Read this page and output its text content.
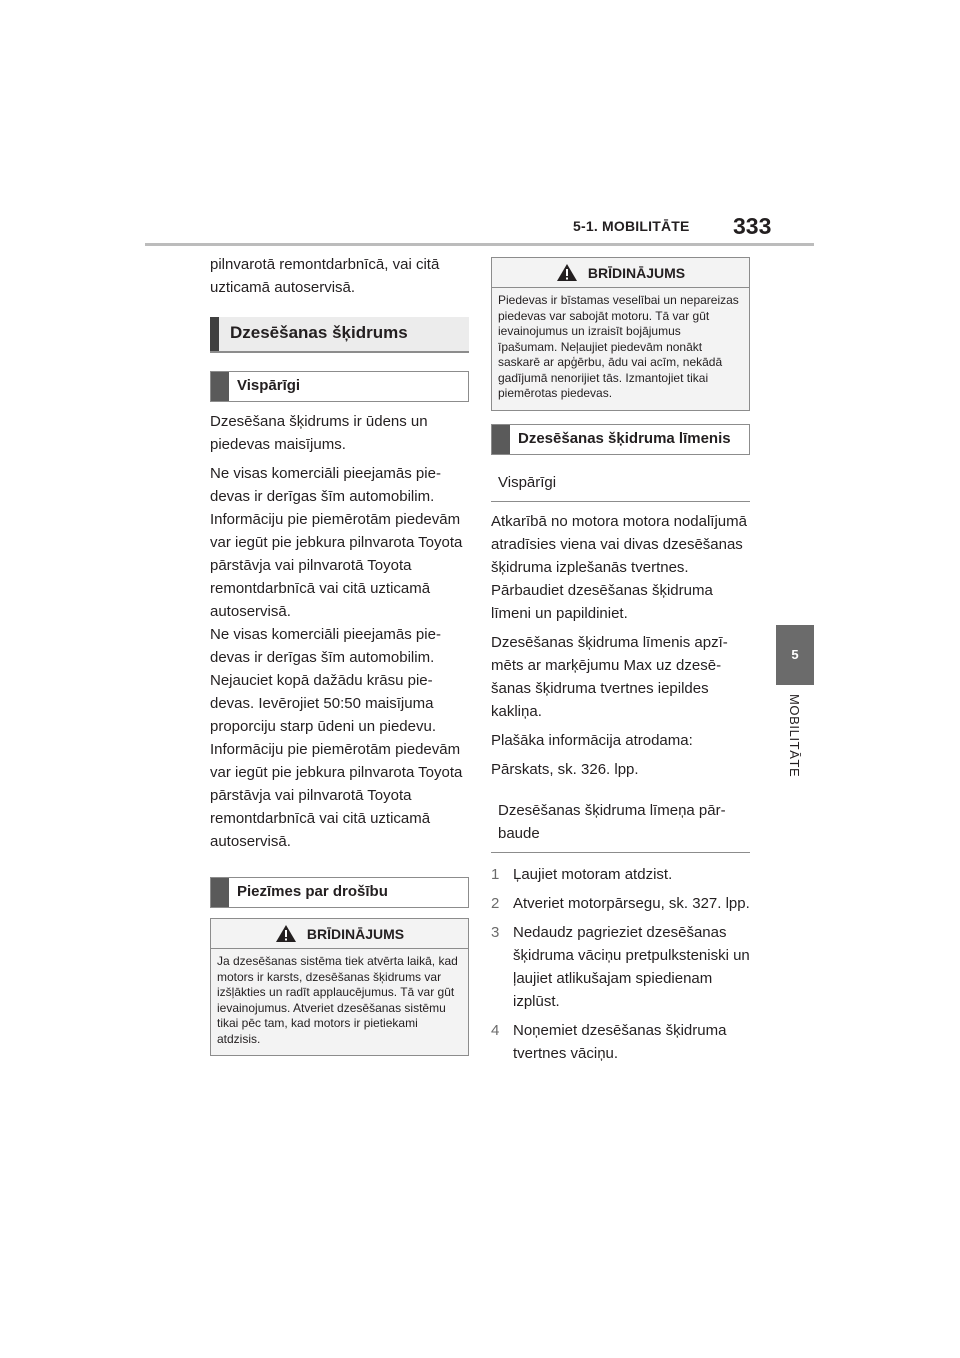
5-1. MOBILITĀTE 333
5
MOBILITĀTE

pilnvarotā remontdarbnīcā, vai citā uzticamā autoservisā.

Dzesēšanas šķidrums
Vispārīgi

Dzesēšana šķidrums ir ūdens un piedevas maisījums.

Ne visas komerciāli pieejamās piedevas ir derīgas šīm automobilim. Informāciju pie piemērotām piedevām var iegūt pie jebkura pilnvarota Toyota pārstāvja vai pilnvarotā Toyota remontdarbnīcā vai citā uzticamā autoservisā.

Ne visas komerciāli pieejamās piedevas ir derīgas šīm automobilim. Nejauciet kopā dažādu krāsu piedevas. Ievērojiet 50:50 maisījuma proporciju starp ūdeni un piedevu. Informāciju pie piemērotām piedevām var iegūt pie jebkura pilnvarota Toyota pārstāvja vai pilnvarotā Toyota remontdarbnīcā vai citā uzticamā autoservisā.

Piezīmes par drošību
BRĪDINĀJUMS

Ja dzesēšanas sistēma tiek atvērta laikā, kad motors ir karsts, dzesēšanas šķidrums var izšļākties un radīt applaucējumus. Tā var gūt ievainojumus. Atveriet dzesēšanas sistēmu tikai pēc tam, kad motors ir pietiekami atdzisis.

BRĪDINĀJUMS

Piedevas ir bīstamas veselībai un nepareizas piedevas var sabojāt motoru. Tā var gūt ievainojumus un izraisīt bojājumus īpašumam. Neļaujiet piedevām nonākt saskarē ar apģērbu, ādu vai acīm, nekādā gadījumā nenorijiet tās. Izmantojiet tikai piemērotas piedevas.

Dzesēšanas šķidruma līmenis
Vispārīgi

Atkarībā no motora motora nodalījumā atradīsies viena vai divas dzesēšanas šķidruma izplešanās tvertnes. Pārbaudiet dzesēšanas šķidruma līmeni un papildiniet.

Dzesēšanas šķidruma līmenis apzīmēts ar marķējumu Max uz dzesēšanas šķidruma tvertnes iepildes kakliņa.

Plašāka informācija atrodama:

Pārskats, sk. 326. lpp.

Dzesēšanas šķidruma līmeņa pārbaude
1 Ļaujiet motoram atdzist.
2 Atveriet motorpārsegu, sk. 327. lpp.
3 Nedaudz pagrieziet dzesēšanas šķidruma vāciņu pretpulksteniski un ļaujiet atlikušajam spiedienam izplūst.
4 Noņemiet dzesēšanas šķidruma tvertnes vāciņu.
